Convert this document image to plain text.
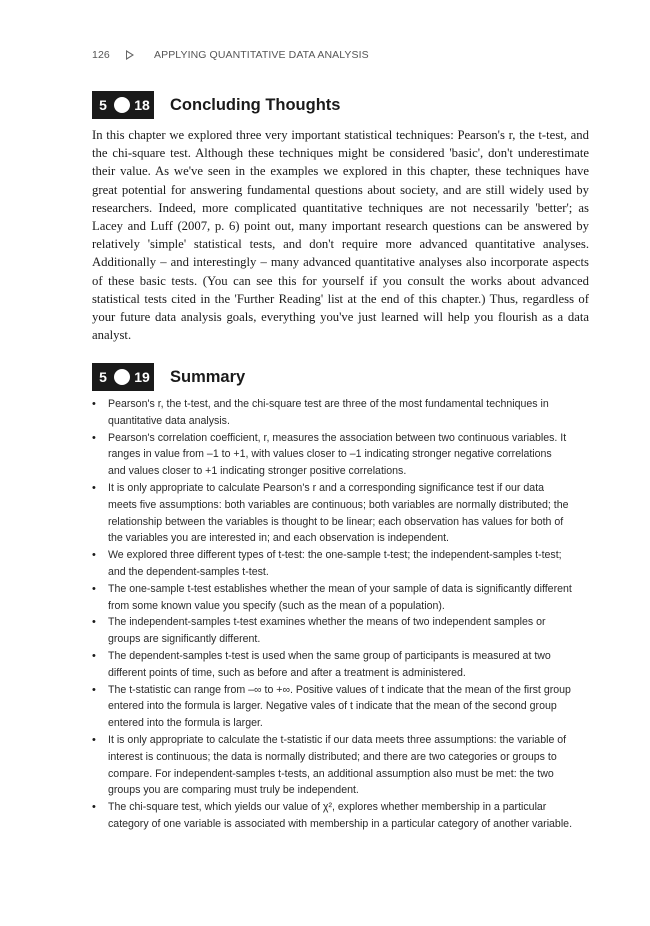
126	APPLYING QUANTITATIVE DATA ANALYSIS
5	18 Concluding Thoughts

In this chapter we explored three very important statistical techniques: Pearson's r, the t-test, and the chi-square test. Although these techniques might be considered 'basic', don't underestimate their value. As we've seen in the examples we explored in this chapter, these techniques have great potential for answering fundamental questions about society, and are still widely used by researchers. Indeed, more complicated quantitative techniques are not necessarily 'better'; as Lacey and Luff (2007, p. 6) point out, many important research questions can be answered by relatively 'simple' statistical tests, and don't require more advanced quantitative analyses. Additionally – and interestingly – many advanced quantitative analyses also incorporate aspects of these basic tests. (You can see this for yourself if you consult the works about advanced statistical tests cited in the 'Further Reading' list at the end of this chapter.) Thus, regardless of your future data analysis goals, everything you've just learned will help you flourish as a data analyst.

5	19 Summary
• Pearson's r, the t-test, and the chi-square test are three of the most fundamental techniques in quantitative data analysis.
• Pearson's correlation coefficient, r, measures the association between two continuous variables. It ranges in value from –1 to +1, with values closer to –1 indicating stronger negative correlations and values closer to +1 indicating stronger positive correlations.
• It is only appropriate to calculate Pearson's r and a corresponding significance test if our data meets five assumptions: both variables are continuous; both variables are normally distributed; the relationship between the variables is thought to be linear; each observation has values for both of the variables you are interested in; and each observation is independent.
• We explored three different types of t-test: the one-sample t-test; the independent-samples t-test; and the dependent-samples t-test.
• The one-sample t-test establishes whether the mean of your sample of data is significantly different from some known value you specify (such as the mean of a population).
• The independent-samples t-test examines whether the means of two independent samples or groups are significantly different.
• The dependent-samples t-test is used when the same group of participants is measured at two different points of time, such as before and after a treatment is administered.
• The t-statistic can range from –∞ to +∞. Positive values of t indicate that the mean of the first group entered into the formula is larger. Negative vales of t indicate that the mean of the second group entered into the formula is larger.
• It is only appropriate to calculate the t-statistic if our data meets three assumptions: the variable of interest is continuous; the data is normally distributed; and there are two categories or groups to compare. For independent-samples t-tests, an additional assumption also must be met: the two groups you are comparing must truly be independent.
• The chi-square test, which yields our value of χ², explores whether membership in a particular category of one variable is associated with membership in a particular category of another variable.
